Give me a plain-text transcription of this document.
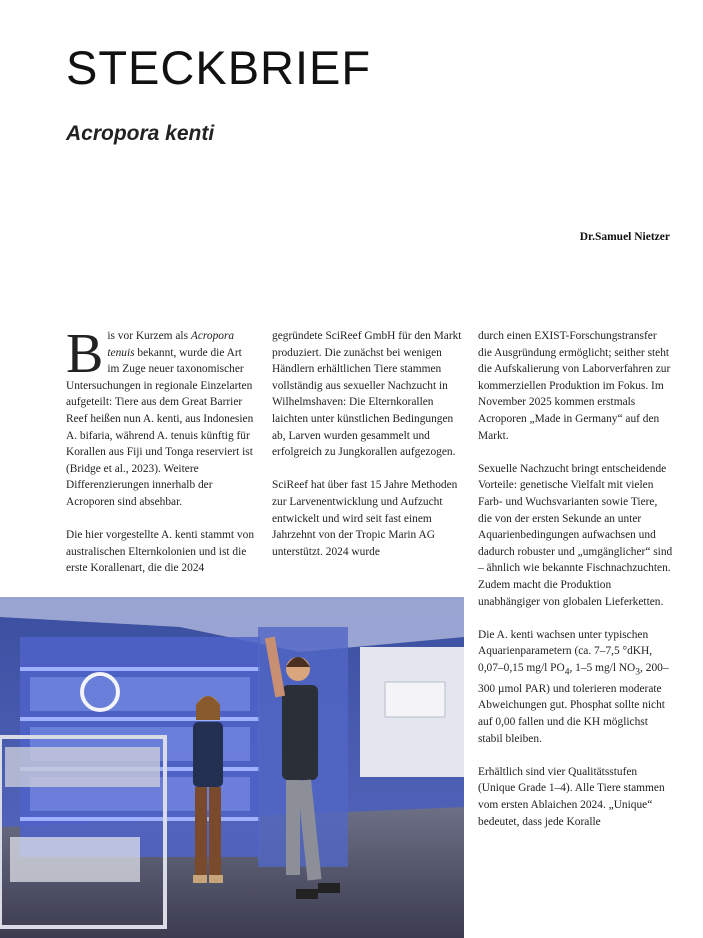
STECKBRIEF
Acropora kenti
Dr.Samuel Nietzer

Bis vor Kurzem als Acropora tenuis bekannt, wurde die Art im Zuge neuer taxonomischer Untersuchungen in regionale Einzelarten aufgeteilt: Tiere aus dem Great Barrier Reef heißen nun A. kenti, aus Indonesien A. bifaria, während A. tenuis künftig für Korallen aus Fiji und Tonga reserviert ist (Bridge et al., 2023). Weitere Differenzierungen innerhalb der Acroporen sind absehbar.

Die hier vorgestellte A. kenti stammt von australischen Elternkolonien und ist die erste Korallenart, die die 2024

gegründete SciReef GmbH für den Markt produziert. Die zunächst bei wenigen Händlern erhältlichen Tiere stammen vollständig aus sexueller Nachzucht in Wilhelmshaven: Die Elternkorallen laichten unter künstlichen Bedingungen ab, Larven wurden gesammelt und erfolgreich zu Jungkorallen aufgezogen.

SciReef hat über fast 15 Jahre Methoden zur Larvenentwicklung und Aufzucht entwickelt und wird seit fast einem Jahrzehnt von der Tropic Marin AG unterstützt. 2024 wurde

durch einen EXIST-Forschungstransfer die Ausgründung ermöglicht; seither steht die Aufskalierung von Laborverfahren zur kommerziellen Produktion im Fokus. Im November 2025 kommen erstmals Acroporen „Made in Germany“ auf den Markt.

Sexuelle Nachzucht bringt entscheidende Vorteile: genetische Vielfalt mit vielen Farb- und Wuchsvarianten sowie Tiere, die von der ersten Sekunde an unter Aquarienbedingungen aufwachsen und dadurch robuster und „umgänglicher“ sind – ähnlich wie bekannte Fischnachzuchten. Zudem macht die Produktion unabhängiger von globalen Lieferketten.

Die A. kenti wachsen unter typischen Aquarienparametern (ca. 7–7,5 °dKH, 0,07–0,15 mg/l $PO_4$, 1–5 mg/l $NO_3$, 200–300 µmol PAR) und tolerieren moderate Abweichungen gut. Phosphat sollte nicht auf 0,00 fallen und die KH möglichst stabil bleiben.

Erhältlich sind vier Qualitätsstufen (Unique Grade 1–4). Alle Tiere stammen vom ersten Ablaichen 2024. „Unique“ bedeutet, dass jede Koralle
